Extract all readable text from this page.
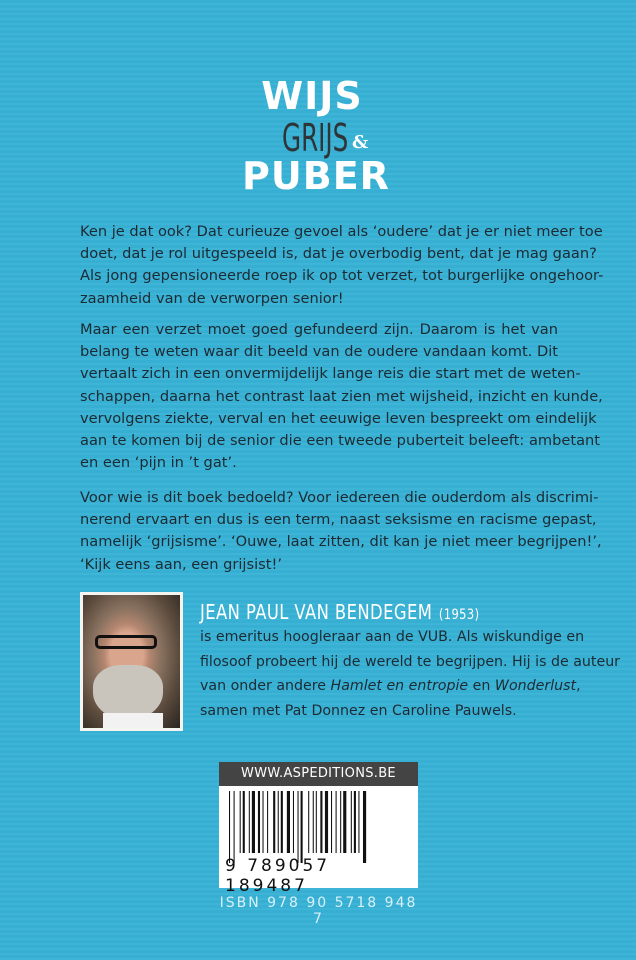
WIJS
GRIJS &
PUBER
Ken je dat ook? Dat curieuze gevoel als ‘oudere’ dat je er niet meer toe
doet, dat je rol uitgespeeld is, dat je overbodig bent, dat je mag gaan?
Als jong gepensioneerde roep ik op tot verzet, tot burgerlijke ongehoor-
zaamheid van de verworpen senior!
Maar een verzet moet goed gefundeerd zijn. Daarom is het van
belang te weten waar dit beeld van de oudere vandaan komt. Dit
vertaalt zich in een onvermijdelijk lange reis die start met de weten-
schappen, daarna het contrast laat zien met wijsheid, inzicht en kunde,
vervolgens ziekte, verval en het eeuwige leven bespreekt om eindelijk
aan te komen bij de senior die een tweede puberteit beleeft: ambetant
en een ‘pijn in ’t gat’.
Voor wie is dit boek bedoeld? Voor iedereen die ouderdom als discrimi-
nerend ervaart en dus is een term, naast seksisme en racisme gepast,
namelijk ‘grijsisme’. ‘Ouwe, laat zitten, dit kan je niet meer begrijpen!’,
‘Kijk eens aan, een grijsist!’
JEAN PAUL VAN BENDEGEM (1953)
is emeritus hoogleraar aan de VUB. Als wiskundige en
filosoof probeert hij de wereld te begrijpen. Hij is de auteur
van onder andere Hamlet en entropie en Wonderlust,
samen met Pat Donnez en Caroline Pauwels.
WWW.ASPEDITIONS.BE
9 789057 189487
ISBN 978 90 5718 948 7
